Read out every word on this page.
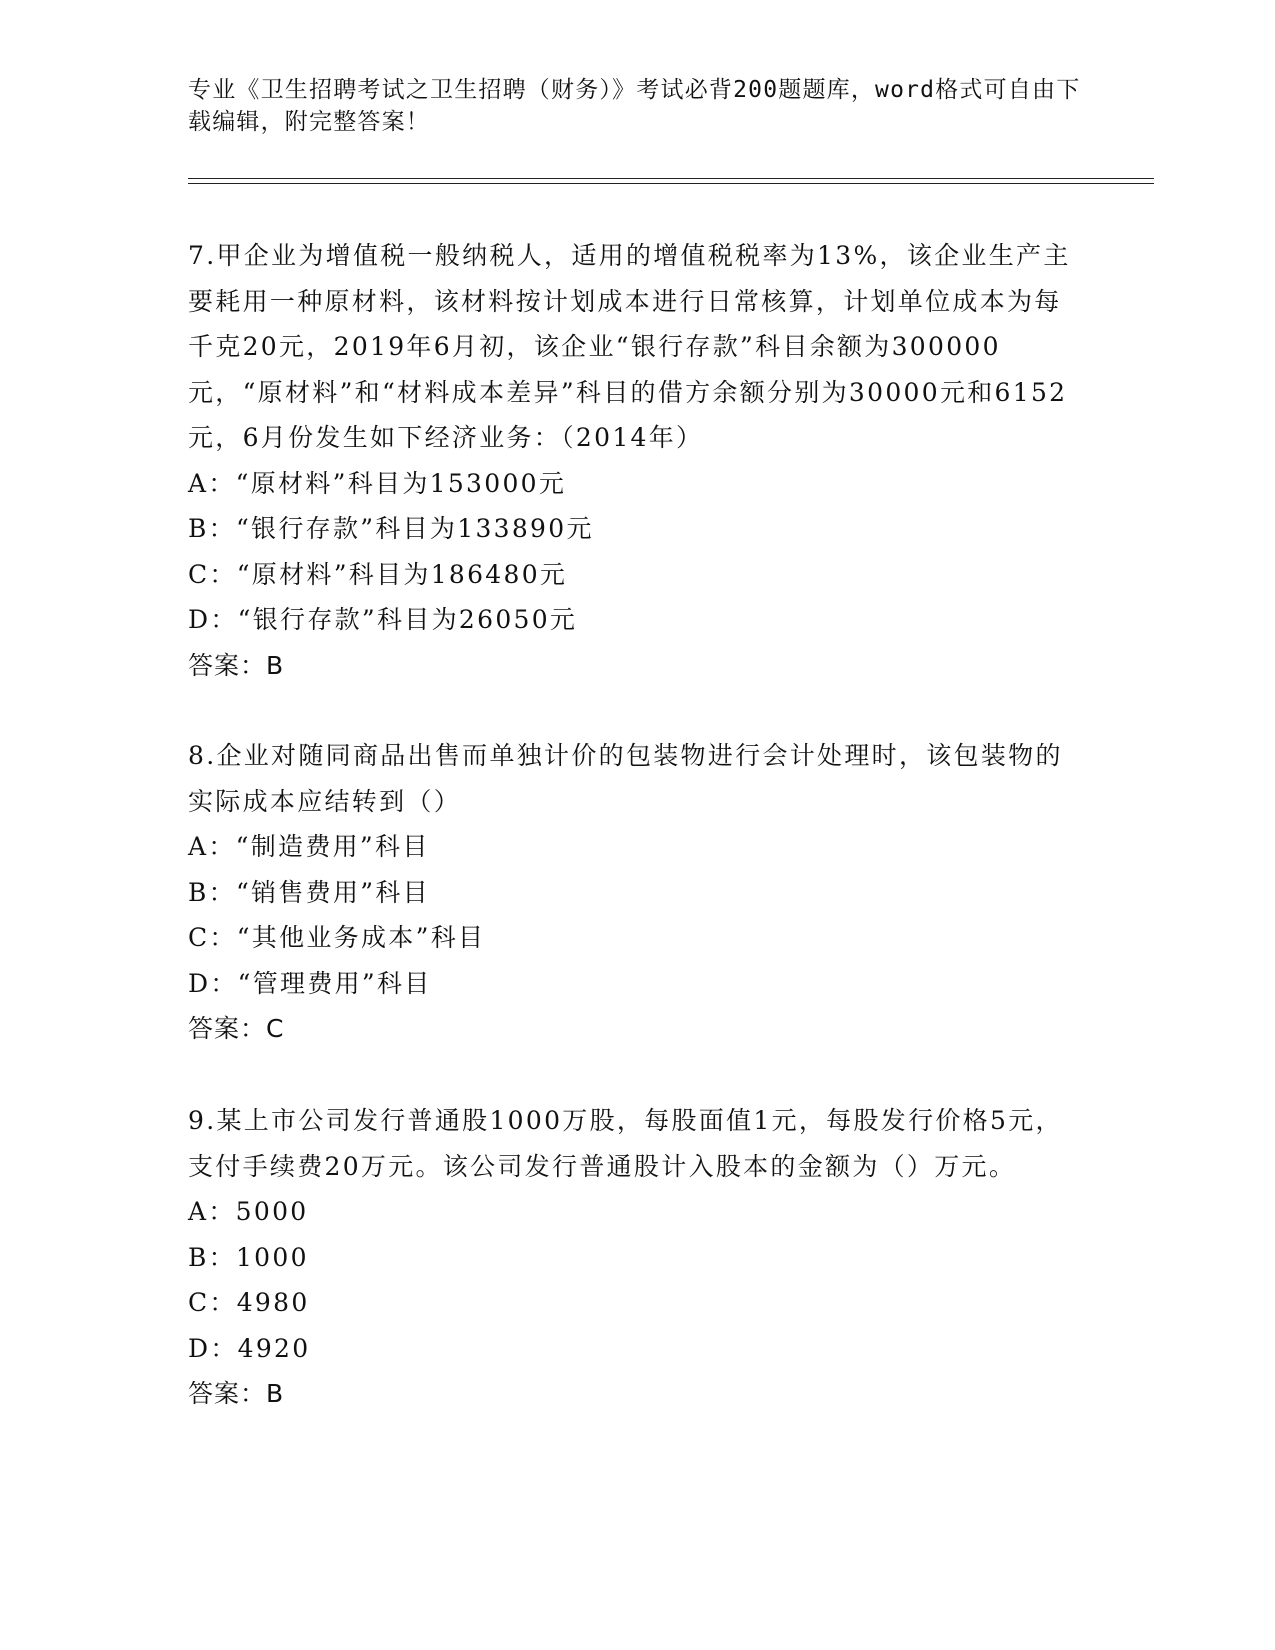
专业《卫生招聘考试之卫生招聘（财务）》考试必背200题题库，word格式可自由下载编辑，附完整答案！
7.甲企业为增值税一般纳税人，适用的增值税税率为13%，该企业生产主要耗用一种原材料，该材料按计划成本进行日常核算，计划单位成本为每千克20元，2019年6月初，该企业“银行存款”科目余额为300000元，“原材料”和“材料成本差异”科目的借方余额分别为30000元和6152元，6月份发生如下经济业务：（2014年）
A：“原材料”科目为153000元
B：“银行存款”科目为133890元
C：“原材料”科目为186480元
D：“银行存款”科目为26050元
答案：B
8.企业对随同商品出售而单独计价的包装物进行会计处理时，该包装物的实际成本应结转到（）
A：“制造费用”科目
B：“销售费用”科目
C：“其他业务成本”科目
D：“管理费用”科目
答案：C
9.某上市公司发行普通股1000万股，每股面值1元，每股发行价格5元，支付手续费20万元。该公司发行普通股计入股本的金额为（）万元。
A：5000
B：1000
C：4980
D：4920
答案：B
